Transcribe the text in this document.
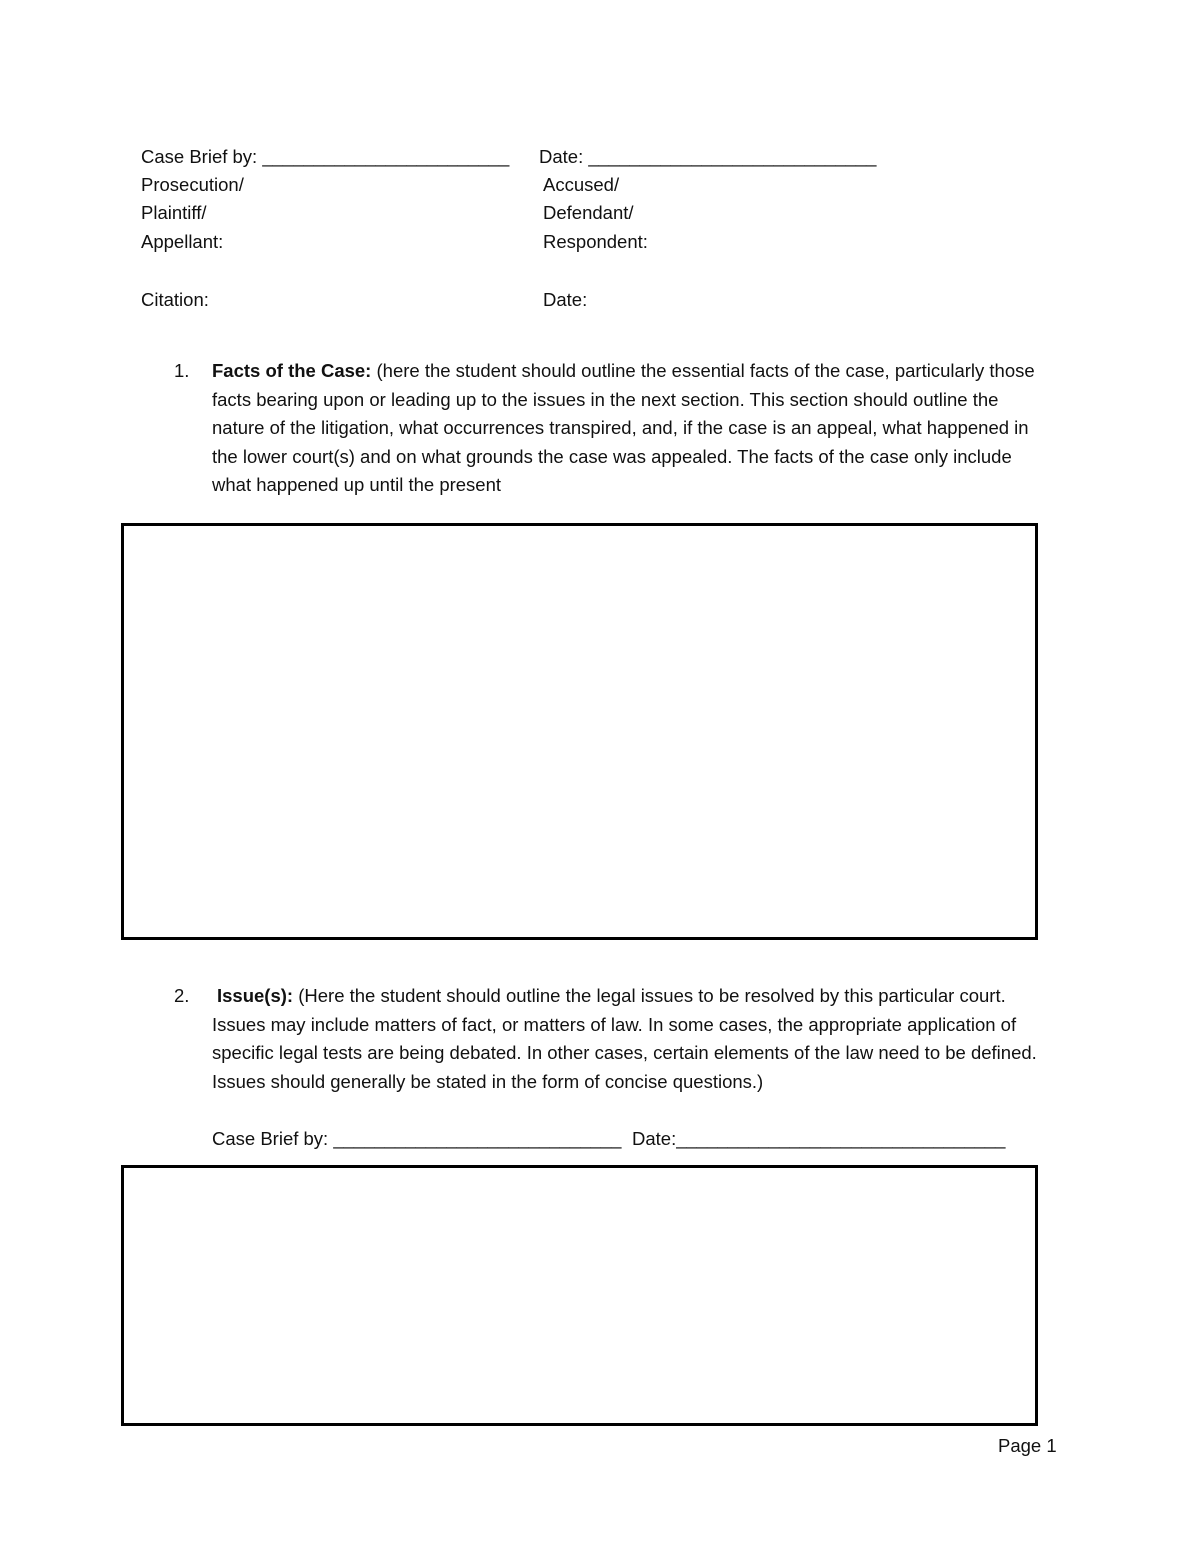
Case Brief by: ________________________ Date: ____________________________
Prosecution/
Plaintiff/
Appellant:
Accused/
Defendant/
Respondent:
Citation:	Date:
1. Facts of the Case: (here the student should outline the essential facts of the case, particularly those facts bearing upon or leading up to the issues in the next section. This section should outline the nature of the litigation, what occurrences transpired, and, if the case is an appeal, what happened in the lower court(s) and on what grounds the case was appealed. The facts of the case only include what happened up until the present
2. Issue(s): (Here the student should outline the legal issues to be resolved by this particular court. Issues may include matters of fact, or matters of law. In some cases, the appropriate application of specific legal tests are being debated. In other cases, certain elements of the law need to be defined. Issues should generally be stated in the form of concise questions.)
Case Brief by: ____________________________ Date:________________________________
Page 1
